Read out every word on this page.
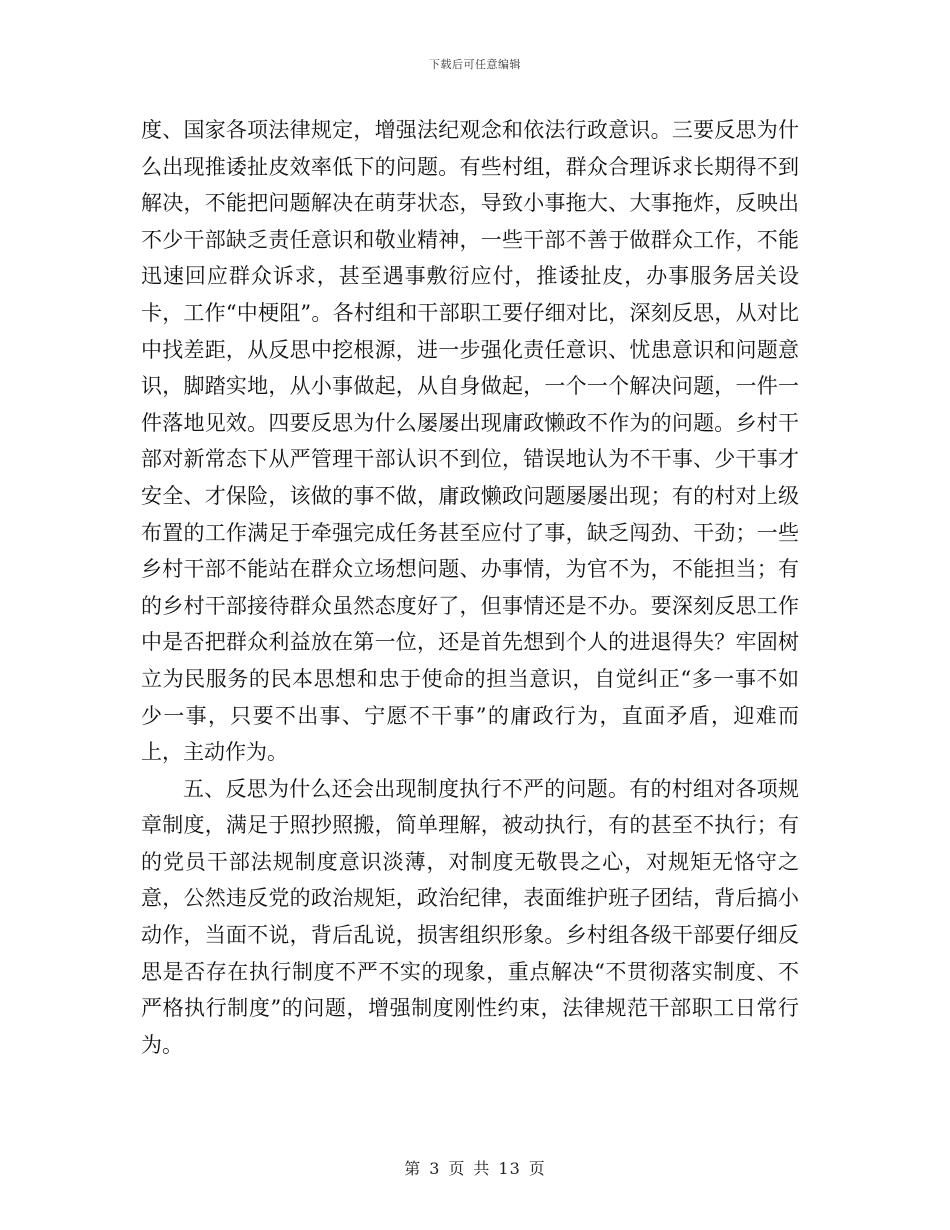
下载后可任意编辑

度、国家各项法律规定，增强法纪观念和依法行政意识。三要反思为什么出现推诿扯皮效率低下的问题。有些村组，群众合理诉求长期得不到解决，不能把问题解决在萌芽状态，导致小事拖大、大事拖炸，反映出不少干部缺乏责任意识和敬业精神，一些干部不善于做群众工作，不能迅速回应群众诉求，甚至遇事敷衍应付，推诿扯皮，办事服务居关设卡，工作“中梗阻”。各村组和干部职工要仔细对比，深刻反思，从对比中找差距，从反思中挖根源，进一步强化责任意识、忧患意识和问题意识，脚踏实地，从小事做起，从自身做起，一个一个解决问题，一件一件落地见效。四要反思为什么屡屡出现庸政懒政不作为的问题。乡村干部对新常态下从严管理干部认识不到位，错误地认为不干事、少干事才安全、才保险，该做的事不做，庸政懒政问题屡屡出现；有的村对上级布置的工作满足于牵强完成任务甚至应付了事，缺乏闯劲、干劲；一些乡村干部不能站在群众立场想问题、办事情，为官不为，不能担当；有的乡村干部接待群众虽然态度好了，但事情还是不办。要深刻反思工作中是否把群众利益放在第一位，还是首先想到个人的进退得失？牢固树立为民服务的民本思想和忠于使命的担当意识，自觉纠正“多一事不如少一事，只要不出事、宁愿不干事”的庸政行为，直面矛盾，迎难而上，主动作为。

五、反思为什么还会出现制度执行不严的问题。有的村组对各项规章制度，满足于照抄照搬，简单理解，被动执行，有的甚至不执行；有的党员干部法规制度意识淡薄，对制度无敬畏之心，对规矩无恪守之意，公然违反党的政治规矩，政治纪律，表面维护班子团结，背后搞小动作，当面不说，背后乱说，损害组织形象。乡村组各级干部要仔细反思是否存在执行制度不严不实的现象，重点解决“不贯彻落实制度、不严格执行制度”的问题，增强制度刚性约束，法律规范干部职工日常行为。

第 3 页 共 13 页
